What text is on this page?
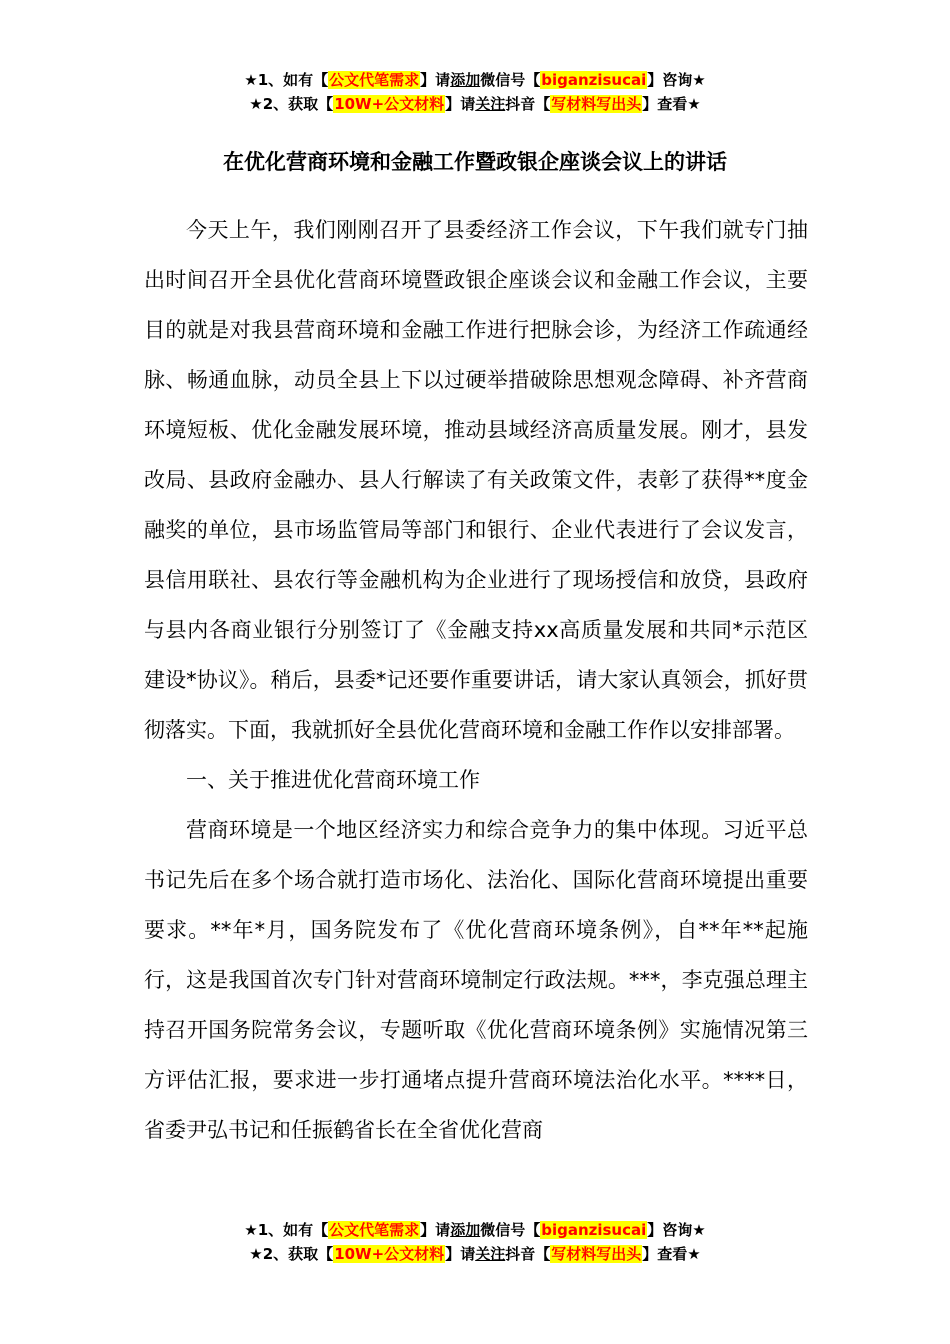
★1、如有【公文代笔需求】请添加微信号【biganzisucai】咨询★
★2、获取【10W+公文材料】请关注抖音【写材料写出头】查看★
在优化营商环境和金融工作暨政银企座谈会议上的讲话

今天上午，我们刚刚召开了县委经济工作会议，下午我们就专门抽出时间召开全县优化营商环境暨政银企座谈会议和金融工作会议，主要目的就是对我县营商环境和金融工作进行把脉会诊，为经济工作疏通经脉、畅通血脉，动员全县上下以过硬举措破除思想观念障碍、补齐营商环境短板、优化金融发展环境，推动县域经济高质量发展。刚才，县发改局、县政府金融办、县人行解读了有关政策文件，表彰了获得**度金融奖的单位，县市场监管局等部门和银行、企业代表进行了会议发言，县信用联社、县农行等金融机构为企业进行了现场授信和放贷，县政府与县内各商业银行分别签订了《金融支持xx高质量发展和共同*示范区建设*协议》。稍后，县委*记还要作重要讲话，请大家认真领会，抓好贯彻落实。下面，我就抓好全县优化营商环境和金融工作作以安排部署。

一、关于推进优化营商环境工作

营商环境是一个地区经济实力和综合竞争力的集中体现。习近平总书记先后在多个场合就打造市场化、法治化、国际化营商环境提出重要要求。**年*月，国务院发布了《优化营商环境条例》，自**年**起施行，这是我国首次专门针对营商环境制定行政法规。***，李克强总理主持召开国务院常务会议，专题听取《优化营商环境条例》实施情况第三方评估汇报，要求进一步打通堵点提升营商环境法治化水平。****日，省委尹弘书记和任振鹤省长在全省优化营商

★1、如有【公文代笔需求】请添加微信号【biganzisucai】咨询★
★2、获取【10W+公文材料】请关注抖音【写材料写出头】查看★
